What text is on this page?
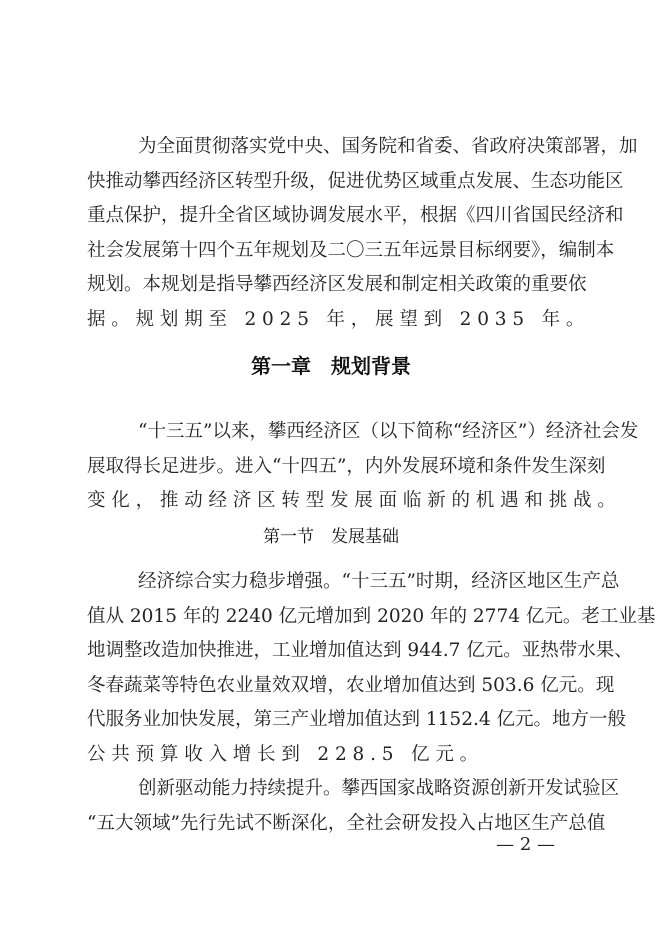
为全面贯彻落实党中央、国务院和省委、省政府决策部署，加
快推动攀西经济区转型升级，促进优势区域重点发展、生态功能区
重点保护，提升全省区域协调发展水平，根据《四川省国民经济和
社会发展第十四个五年规划及二〇三五年远景目标纲要》，编制本
规划。本规划是指导攀西经济区发展和制定相关政策的重要依
据。规划期至 2025 年，展望到 2035 年。
第一章　规划背景
“十三五”以来，攀西经济区（以下简称“经济区”）经济社会发
展取得长足进步。进入“十四五”，内外发展环境和条件发生深刻
变化，推动经济区转型发展面临新的机遇和挑战。
第一节　发展基础
经济综合实力稳步增强。“十三五”时期，经济区地区生产总
值从 2015 年的 2240 亿元增加到 2020 年的 2774 亿元。老工业基
地调整改造加快推进，工业增加值达到 944.7 亿元。亚热带水果、
冬春蔬菜等特色农业量效双增，农业增加值达到 503.6 亿元。现
代服务业加快发展，第三产业增加值达到 1152.4 亿元。地方一般
公共预算收入增长到 228.5 亿元。
创新驱动能力持续提升。攀西国家战略资源创新开发试验区
“五大领域”先行先试不断深化，全社会研发投入占地区生产总值
— 2 —
